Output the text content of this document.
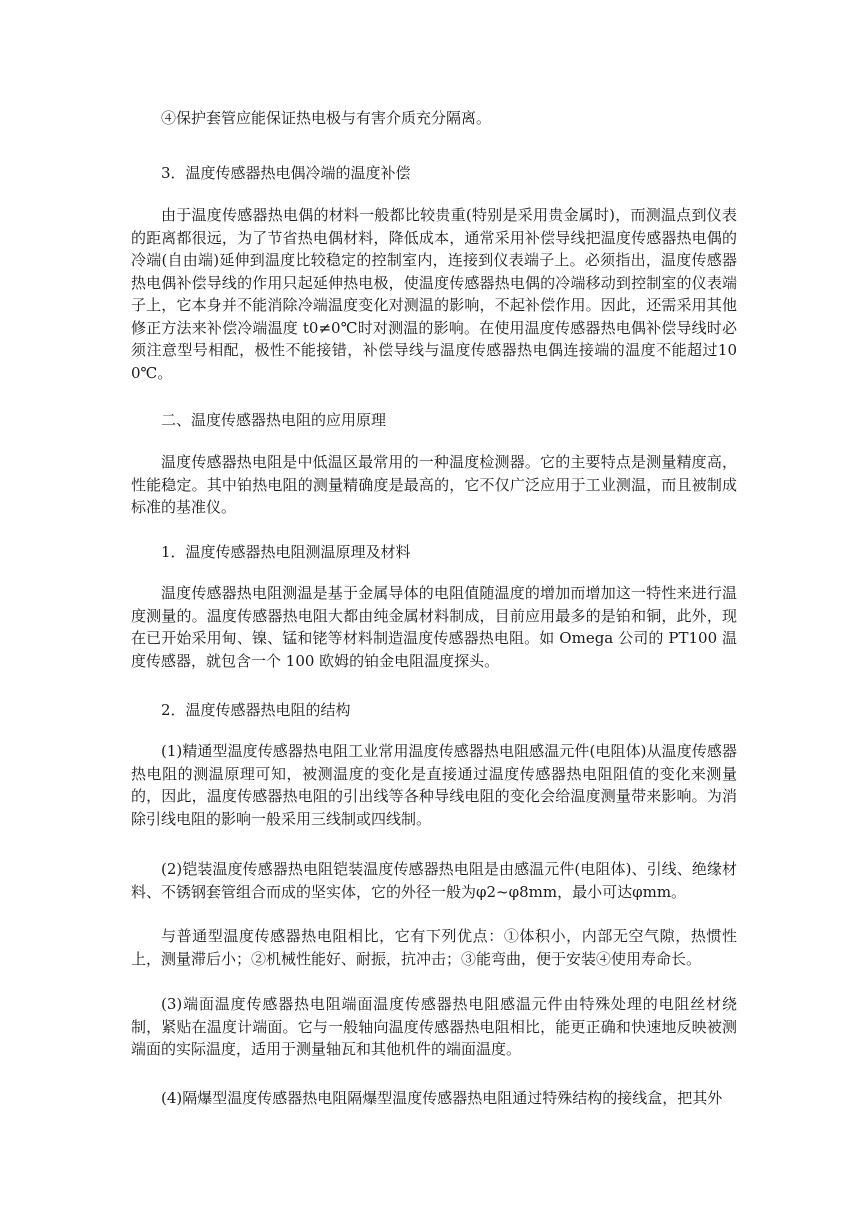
④保护套管应能保证热电极与有害介质充分隔离。

3．温度传感器热电偶冷端的温度补偿

由于温度传感器热电偶的材料一般都比较贵重(特别是采用贵金属时)，而测温点到仪表的距离都很远，为了节省热电偶材料，降低成本，通常采用补偿导线把温度传感器热电偶的冷端(自由端)延伸到温度比较稳定的控制室内，连接到仪表端子上。必须指出，温度传感器热电偶补偿导线的作用只起延伸热电极，使温度传感器热电偶的冷端移动到控制室的仪表端子上，它本身并不能消除冷端温度变化对测温的影响，不起补偿作用。因此，还需采用其他修正方法来补偿冷端温度 t0≠0℃时对测温的影响。在使用温度传感器热电偶补偿导线时必须注意型号相配，极性不能接错，补偿导线与温度传感器热电偶连接端的温度不能超过100℃。

二、温度传感器热电阻的应用原理

温度传感器热电阻是中低温区最常用的一种温度检测器。它的主要特点是测量精度高，性能稳定。其中铂热电阻的测量精确度是最高的，它不仅广泛应用于工业测温，而且被制成标准的基准仪。

1．温度传感器热电阻测温原理及材料

温度传感器热电阻测温是基于金属导体的电阻值随温度的增加而增加这一特性来进行温度测量的。温度传感器热电阻大都由纯金属材料制成，目前应用最多的是铂和铜，此外，现在已开始采用甸、镍、锰和铑等材料制造温度传感器热电阻。如 Omega 公司的 PT100 温度传感器，就包含一个 100 欧姆的铂金电阻温度探头。

2．温度传感器热电阻的结构

(1)精通型温度传感器热电阻工业常用温度传感器热电阻感温元件(电阻体)从温度传感器热电阻的测温原理可知，被测温度的变化是直接通过温度传感器热电阻阻值的变化来测量的，因此，温度传感器热电阻的引出线等各种导线电阻的变化会给温度测量带来影响。为消除引线电阻的影响一般采用三线制或四线制。

(2)铠装温度传感器热电阻铠装温度传感器热电阻是由感温元件(电阻体)、引线、绝缘材料、不锈钢套管组合而成的坚实体，它的外径一般为φ2~φ8mm，最小可达φmm。

与普通型温度传感器热电阻相比，它有下列优点：①体积小，内部无空气隙，热惯性上，测量滞后小；②机械性能好、耐振，抗冲击；③能弯曲，便于安装④使用寿命长。

(3)端面温度传感器热电阻端面温度传感器热电阻感温元件由特殊处理的电阻丝材绕制，紧贴在温度计端面。它与一般轴向温度传感器热电阻相比，能更正确和快速地反映被测端面的实际温度，适用于测量轴瓦和其他机件的端面温度。

(4)隔爆型温度传感器热电阻隔爆型温度传感器热电阻通过特殊结构的接线盒，把其外
